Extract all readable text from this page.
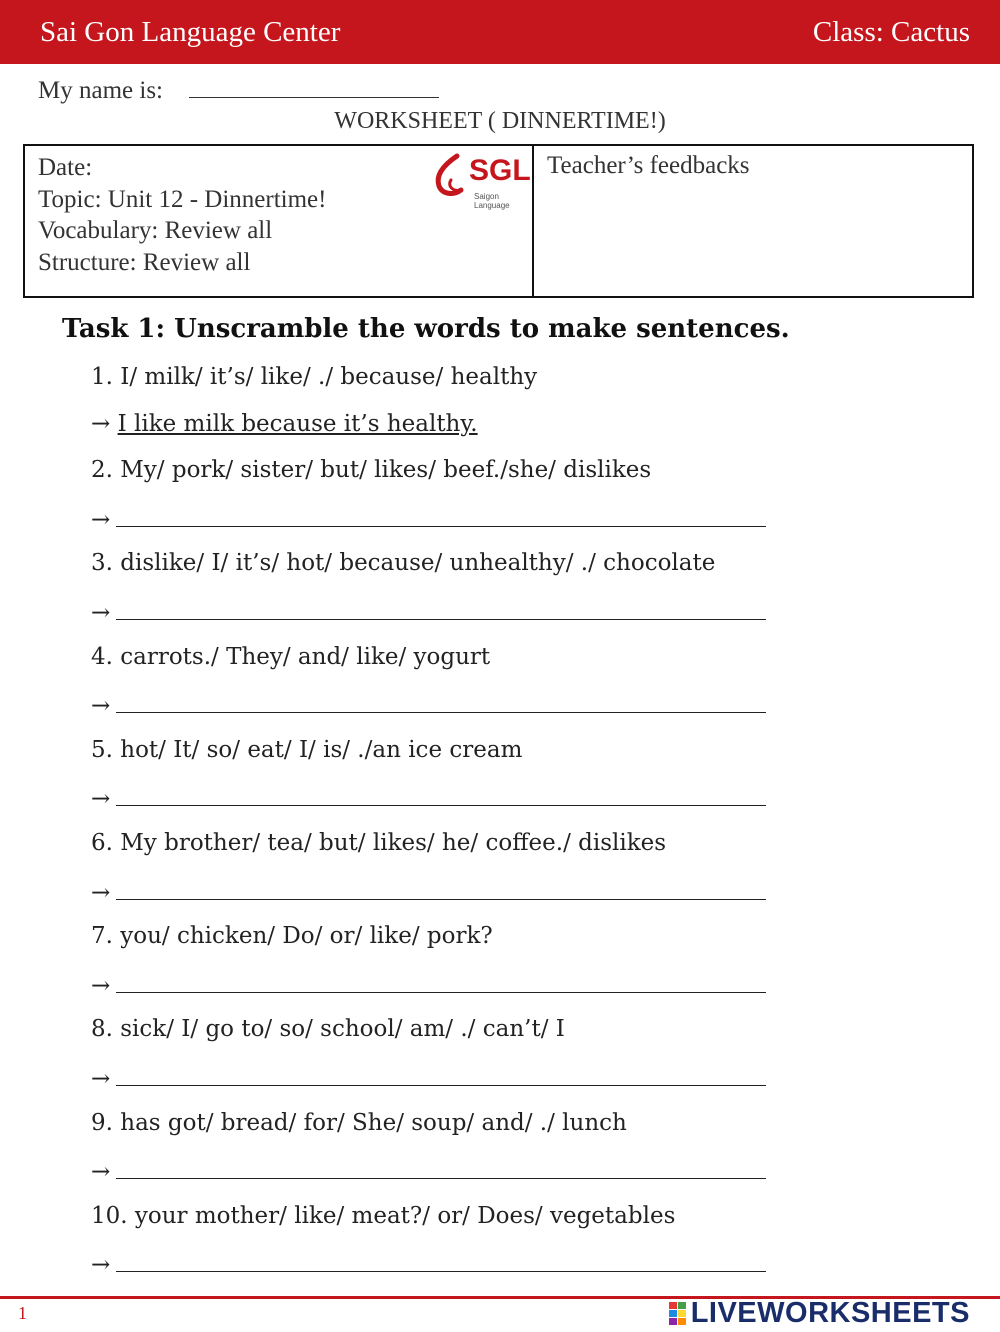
Sai Gon Language Center	Class: Cactus
My name is:
WORKSHEET ( DINNERTIME!)
Date:
Topic: Unit 12 - Dinnertime!
Vocabulary: Review all
Structure: Review all
SGL
Saigon Language
Teacher’s feedbacks
Task 1: Unscramble the words to make sentences.
1. I/ milk/ it’s/ like/ ./ because/ healthy
→ I like milk because it’s healthy.
2. My/ pork/ sister/ but/ likes/ beef./she/ dislikes
→
3. dislike/ I/ it’s/ hot/ because/ unhealthy/ ./ chocolate
→
4. carrots./ They/ and/ like/ yogurt
→
5. hot/ It/ so/ eat/ I/ is/ ./an ice cream
→
6. My brother/ tea/ but/ likes/ he/ coffee./ dislikes
→
7. you/ chicken/ Do/ or/ like/ pork?
→
8. sick/ I/ go to/ so/ school/ am/ ./ can’t/ I
→
9. has got/ bread/ for/ She/ soup/ and/ ./ lunch
→
10. your mother/ like/ meat?/ or/ Does/ vegetables
→
1	LIVEWORKSHEETS
